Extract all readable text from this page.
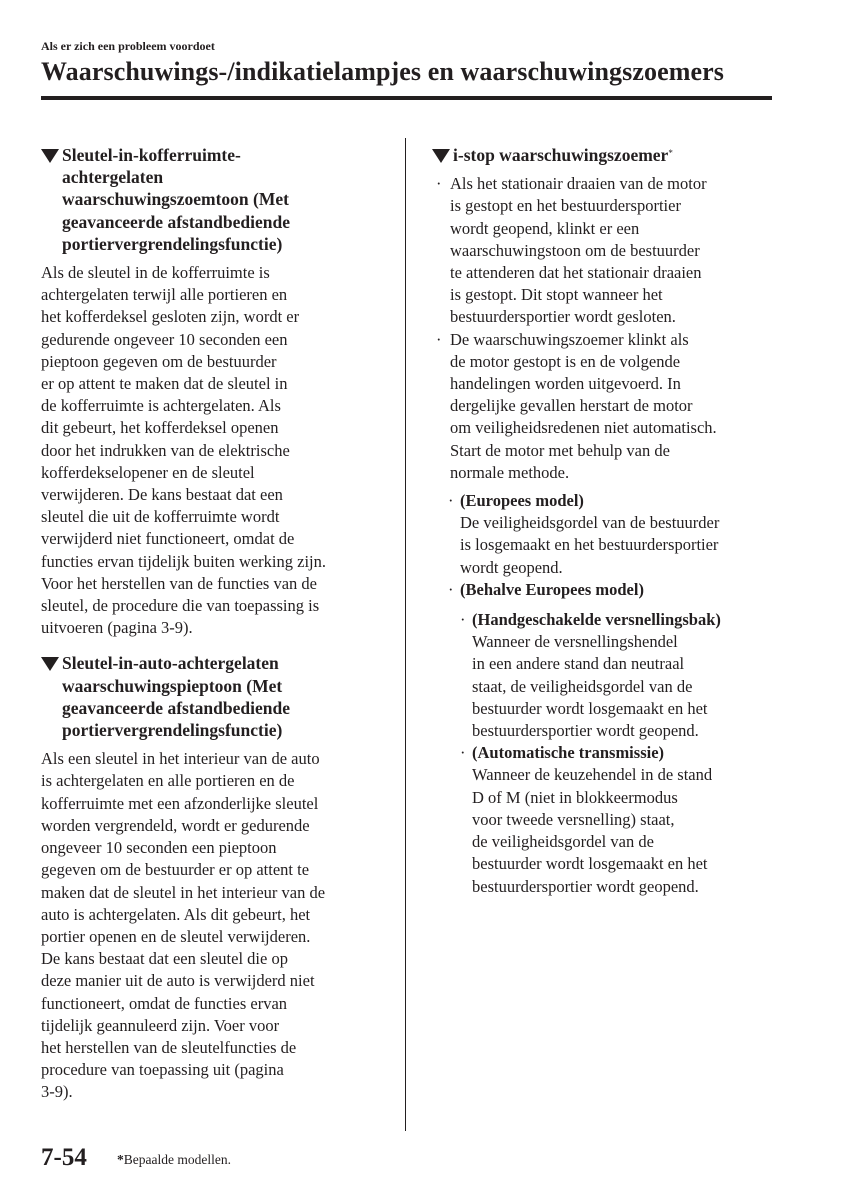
Als er zich een probleem voordoet
Waarschuwings-/indikatielampjes en waarschuwingszoemers
Sleutel-in-kofferruimte-
achtergelaten
waarschuwingszoemtoon (Met
geavanceerde afstandbediende
portiervergrendelingsfunctie)
Als de sleutel in de kofferruimte is
achtergelaten terwijl alle portieren en
het kofferdeksel gesloten zijn, wordt er
gedurende ongeveer 10 seconden een
pieptoon gegeven om de bestuurder
er op attent te maken dat de sleutel in
de kofferruimte is achtergelaten. Als
dit gebeurt, het kofferdeksel openen
door het indrukken van de elektrische
kofferdekselopener en de sleutel
verwijderen. De kans bestaat dat een
sleutel die uit de kofferruimte wordt
verwijderd niet functioneert, omdat de
functies ervan tijdelijk buiten werking zijn.
Voor het herstellen van de functies van de
sleutel, de procedure die van toepassing is
uitvoeren (pagina 3-9).
Sleutel-in-auto-achtergelaten
waarschuwingspieptoon (Met
geavanceerde afstandbediende
portiervergrendelingsfunctie)
Als een sleutel in het interieur van de auto
is achtergelaten en alle portieren en de
kofferruimte met een afzonderlijke sleutel
worden vergrendeld, wordt er gedurende
ongeveer 10 seconden een pieptoon
gegeven om de bestuurder er op attent te
maken dat de sleutel in het interieur van de
auto is achtergelaten. Als dit gebeurt, het
portier openen en de sleutel verwijderen.
De kans bestaat dat een sleutel die op
deze manier uit de auto is verwijderd niet
functioneert, omdat de functies ervan
tijdelijk geannuleerd zijn. Voer voor
het herstellen van de sleutelfuncties de
procedure van toepassing uit (pagina
3-9).
i-stop waarschuwingszoemer*
· Als het stationair draaien van de motor
is gestopt en het bestuurdersportier
wordt geopend, klinkt er een
waarschuwingstoon om de bestuurder
te attenderen dat het stationair draaien
is gestopt. Dit stopt wanneer het
bestuurdersportier wordt gesloten.
· De waarschuwingszoemer klinkt als
de motor gestopt is en de volgende
handelingen worden uitgevoerd. In
dergelijke gevallen herstart de motor
om veiligheidsredenen niet automatisch.
Start de motor met behulp van de
normale methode.
· (Europees model)
De veiligheidsgordel van de bestuurder
is losgemaakt en het bestuurdersportier
wordt geopend.
· (Behalve Europees model)
· (Handgeschakelde versnellingsbak)
Wanneer de versnellingshendel
in een andere stand dan neutraal
staat, de veiligheidsgordel van de
bestuurder wordt losgemaakt en het
bestuurdersportier wordt geopend.
· (Automatische transmissie)
Wanneer de keuzehendel in de stand
D of M (niet in blokkeermodus
voor tweede versnelling) staat,
de veiligheidsgordel van de
bestuurder wordt losgemaakt en het
bestuurdersportier wordt geopend.
7-54 *Bepaalde modellen.
